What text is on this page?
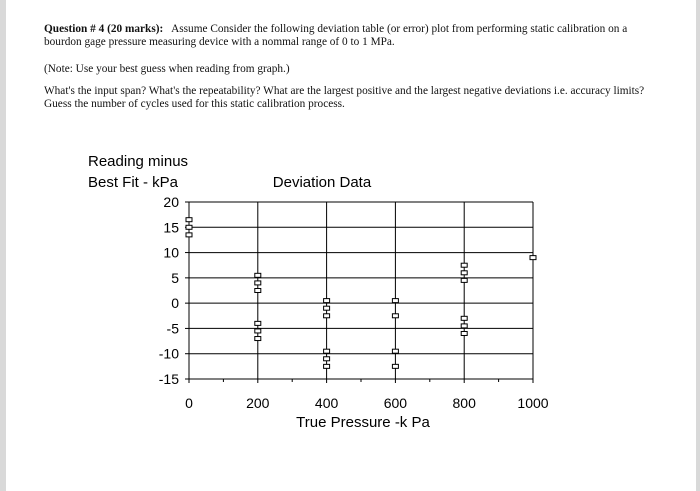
Question # 4 (20 marks): Assume Consider the following deviation table (or error) plot from performing static calibration on a bourdon gage pressure measuring device with a nommal range of 0 to 1 MPa.
(Note: Use your best guess when reading from graph.)
What's the input span? What's the repeatability? What are the largest positive and the largest negative deviations i.e. accuracy limits? Guess the number of cycles used for this static calibration process.
Reading minus
Best Fit - kPa	Deviation Data
True Pressure -k Pa
20
15
10
5
0
-5
-10
-15
0	200	400	600	800	1000
